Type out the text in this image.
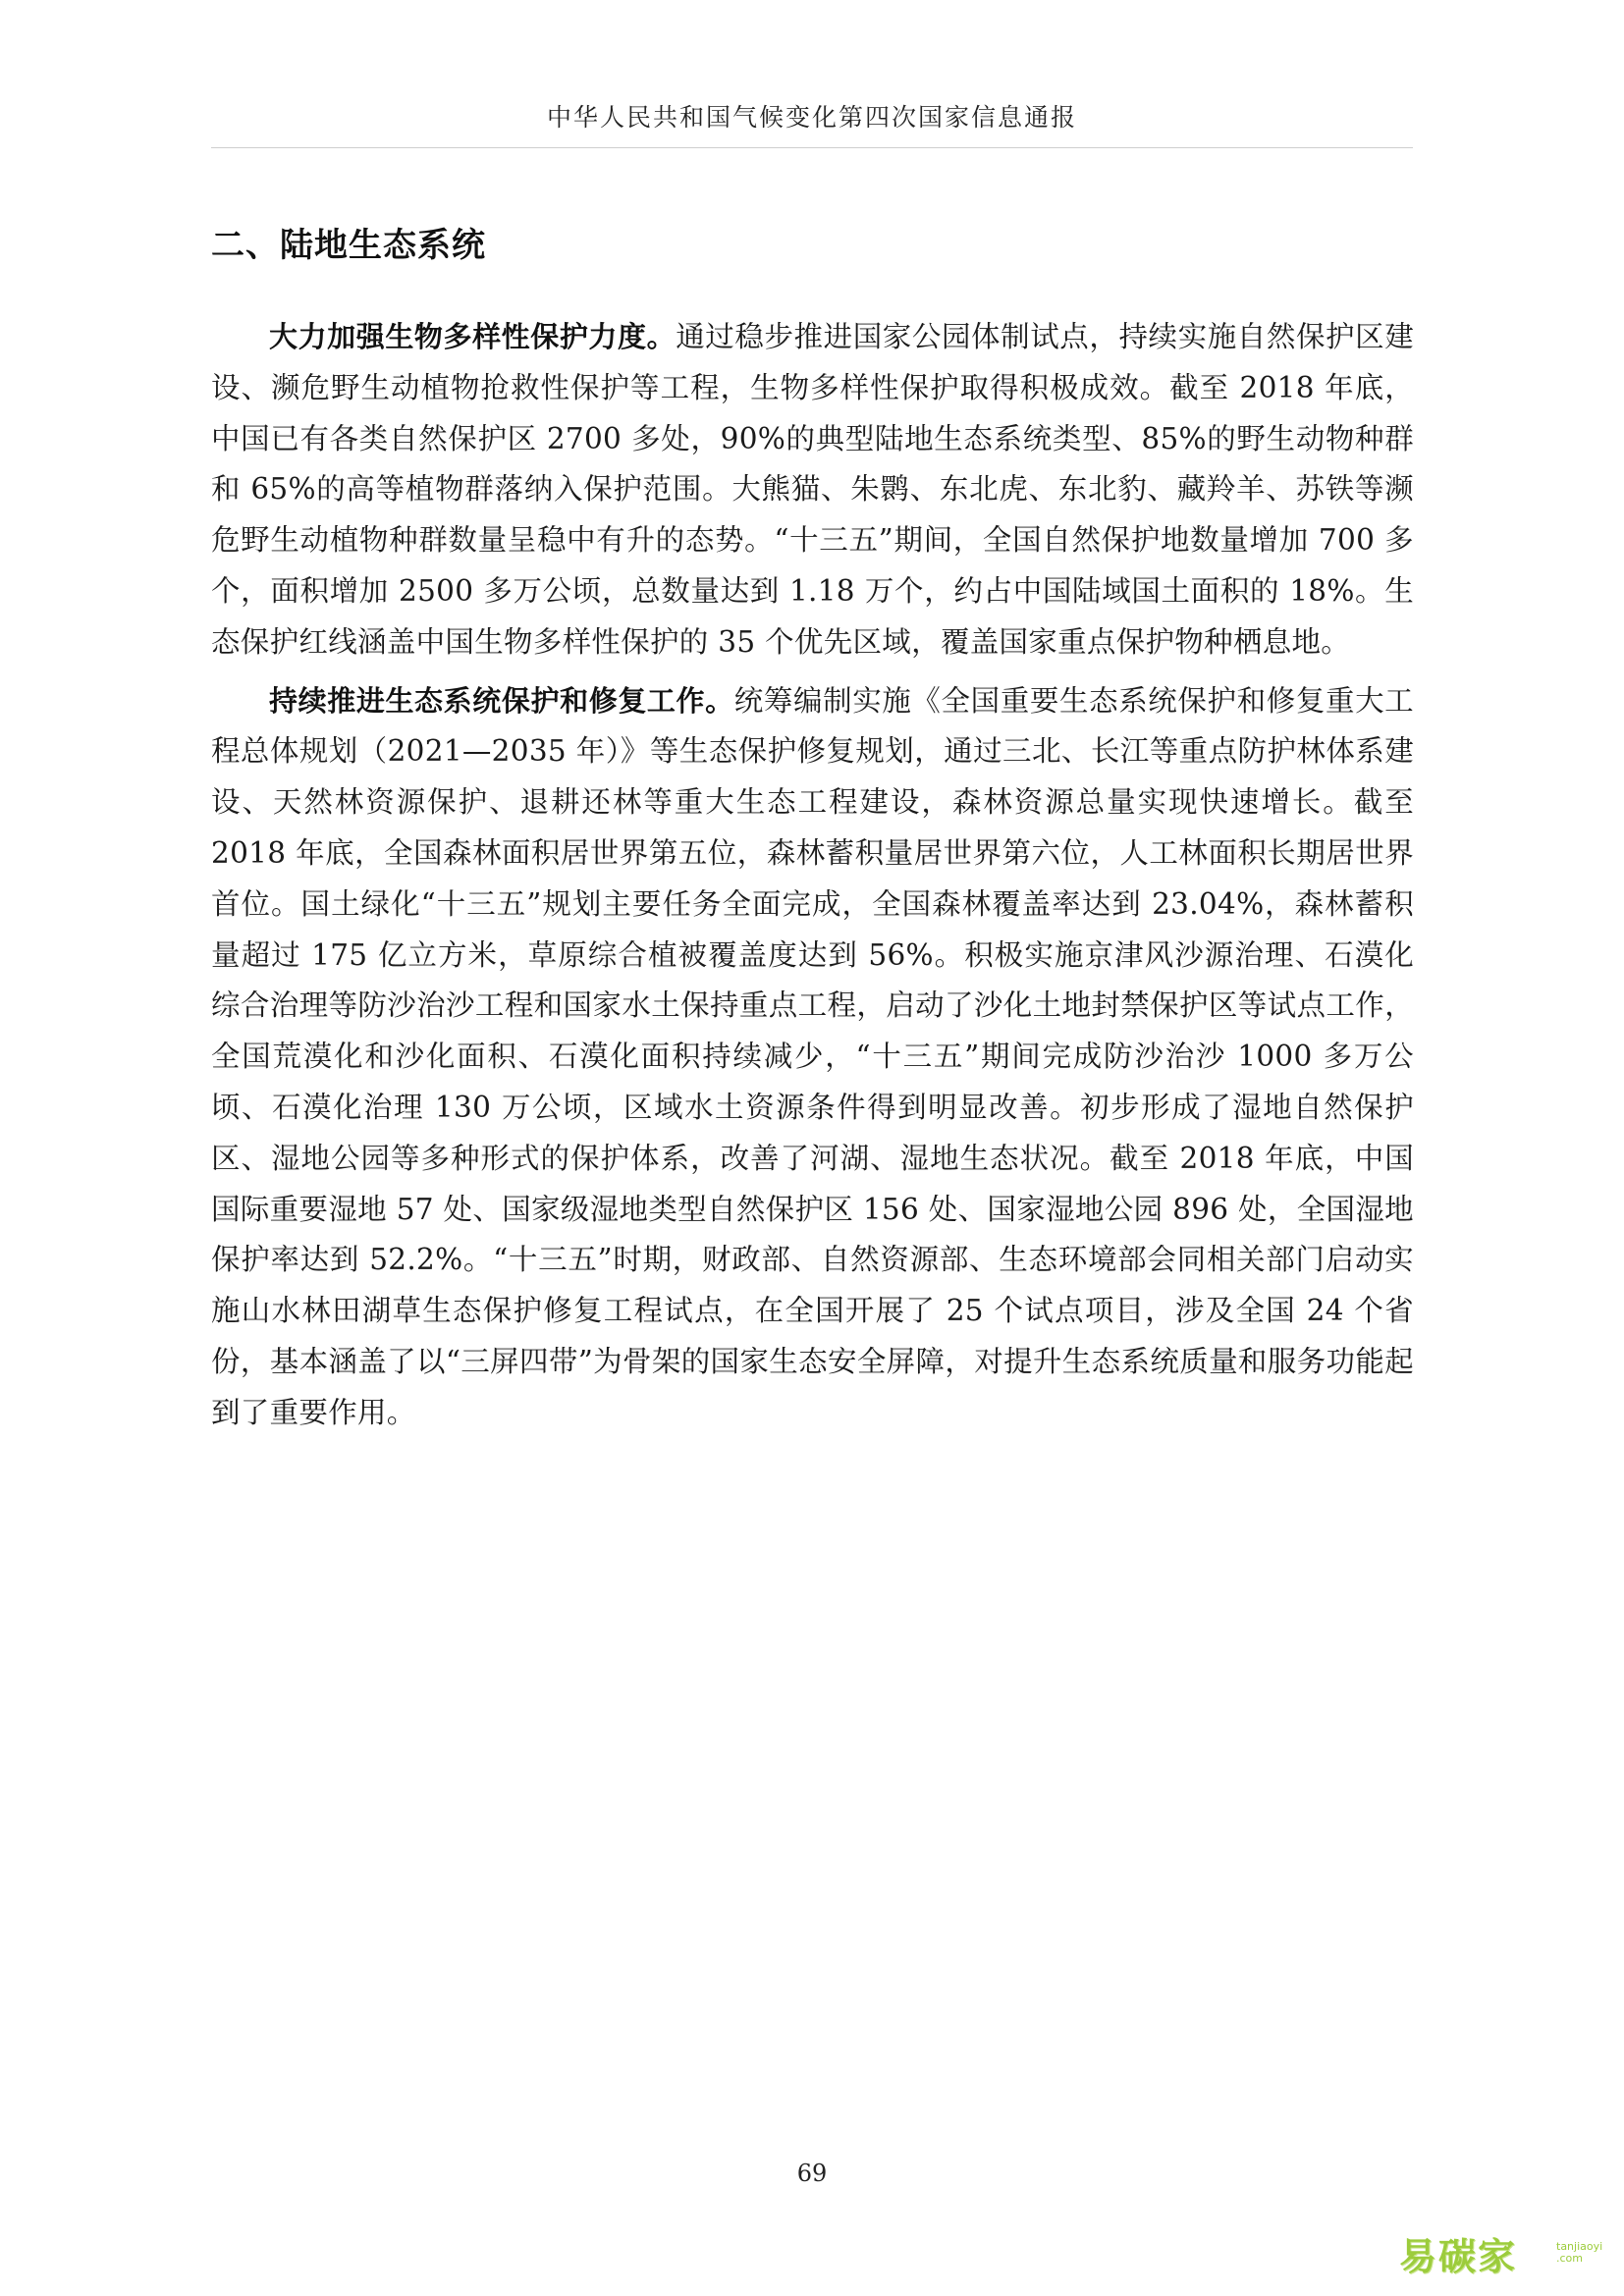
中华人民共和国气候变化第四次国家信息通报
二、陆地生态系统

大力加强生物多样性保护力度。通过稳步推进国家公园体制试点，持续实施自然保护区建设、濒危野生动植物抢救性保护等工程，生物多样性保护取得积极成效。截至 2018 年底，中国已有各类自然保护区 2700 多处，90%的典型陆地生态系统类型、85%的野生动物种群和 65%的高等植物群落纳入保护范围。大熊猫、朱鹮、东北虎、东北豹、藏羚羊、苏铁等濒危野生动植物种群数量呈稳中有升的态势。“十三五”期间，全国自然保护地数量增加 700 多个，面积增加 2500 多万公顷，总数量达到 1.18 万个，约占中国陆域国土面积的 18%。生态保护红线涵盖中国生物多样性保护的 35 个优先区域，覆盖国家重点保护物种栖息地。

持续推进生态系统保护和修复工作。统筹编制实施《全国重要生态系统保护和修复重大工程总体规划（2021—2035 年）》等生态保护修复规划，通过三北、长江等重点防护林体系建设、天然林资源保护、退耕还林等重大生态工程建设，森林资源总量实现快速增长。截至 2018 年底，全国森林面积居世界第五位，森林蓄积量居世界第六位，人工林面积长期居世界首位。国土绿化“十三五”规划主要任务全面完成，全国森林覆盖率达到 23.04%，森林蓄积量超过 175 亿立方米，草原综合植被覆盖度达到 56%。积极实施京津风沙源治理、石漠化综合治理等防沙治沙工程和国家水土保持重点工程，启动了沙化土地封禁保护区等试点工作，全国荒漠化和沙化面积、石漠化面积持续减少，“十三五”期间完成防沙治沙 1000 多万公顷、石漠化治理 130 万公顷，区域水土资源条件得到明显改善。初步形成了湿地自然保护区、湿地公园等多种形式的保护体系，改善了河湖、湿地生态状况。截至 2018 年底，中国国际重要湿地 57 处、国家级湿地类型自然保护区 156 处、国家湿地公园 896 处，全国湿地保护率达到 52.2%。“十三五”时期，财政部、自然资源部、生态环境部会同相关部门启动实施山水林田湖草生态保护修复工程试点，在全国开展了 25 个试点项目，涉及全国 24 个省份，基本涵盖了以“三屏四带”为骨架的国家生态安全屏障，对提升生态系统质量和服务功能起到了重要作用。

69
易碳家	tanjiaoyi
.com
